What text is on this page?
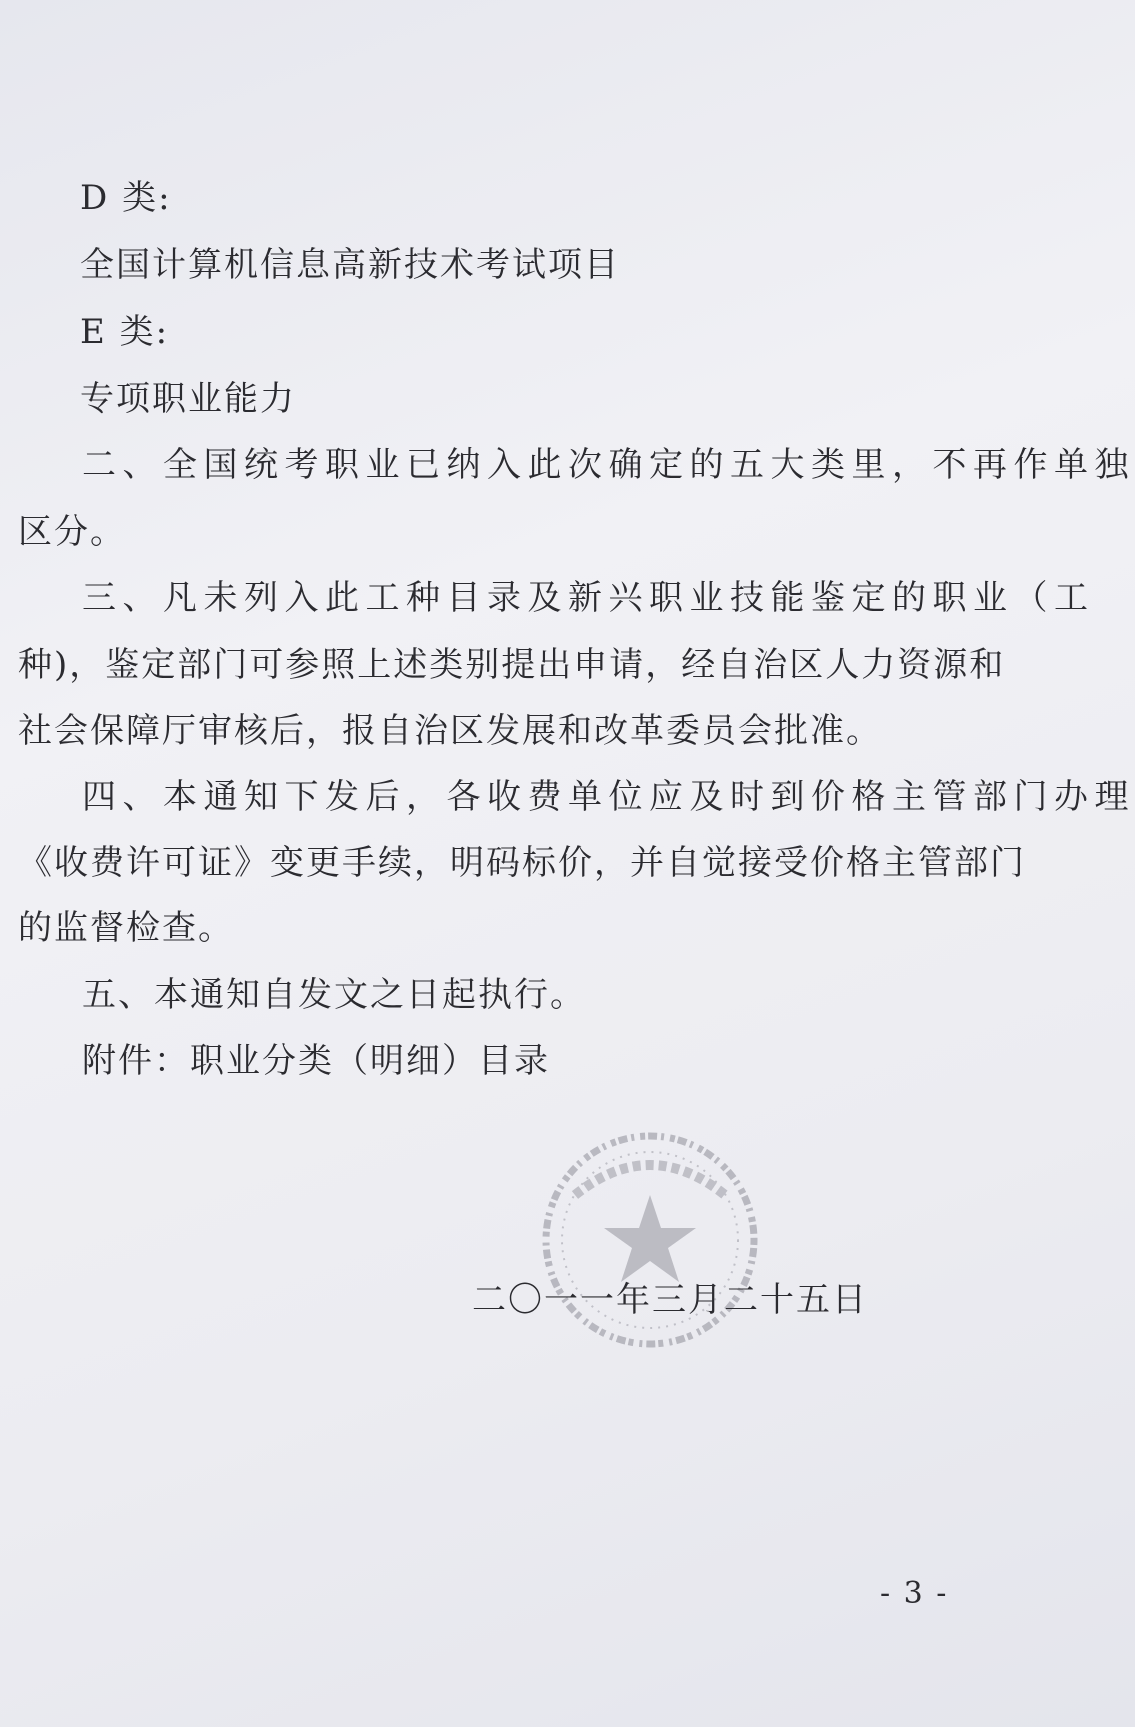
D 类:
全国计算机信息高新技术考试项目
E 类:
专项职业能力
二、全国统考职业已纳入此次确定的五大类里，不再作单独
区分。
三、凡未列入此工种目录及新兴职业技能鉴定的职业（工
种)，鉴定部门可参照上述类别提出申请，经自治区人力资源和
社会保障厅审核后，报自治区发展和改革委员会批准。
四、本通知下发后，各收费单位应及时到价格主管部门办理
《收费许可证》变更手续，明码标价，并自觉接受价格主管部门
的监督检查。
五、本通知自发文之日起执行。
附件：职业分类（明细）目录
二〇一一年三月二十五日
- 3 -
